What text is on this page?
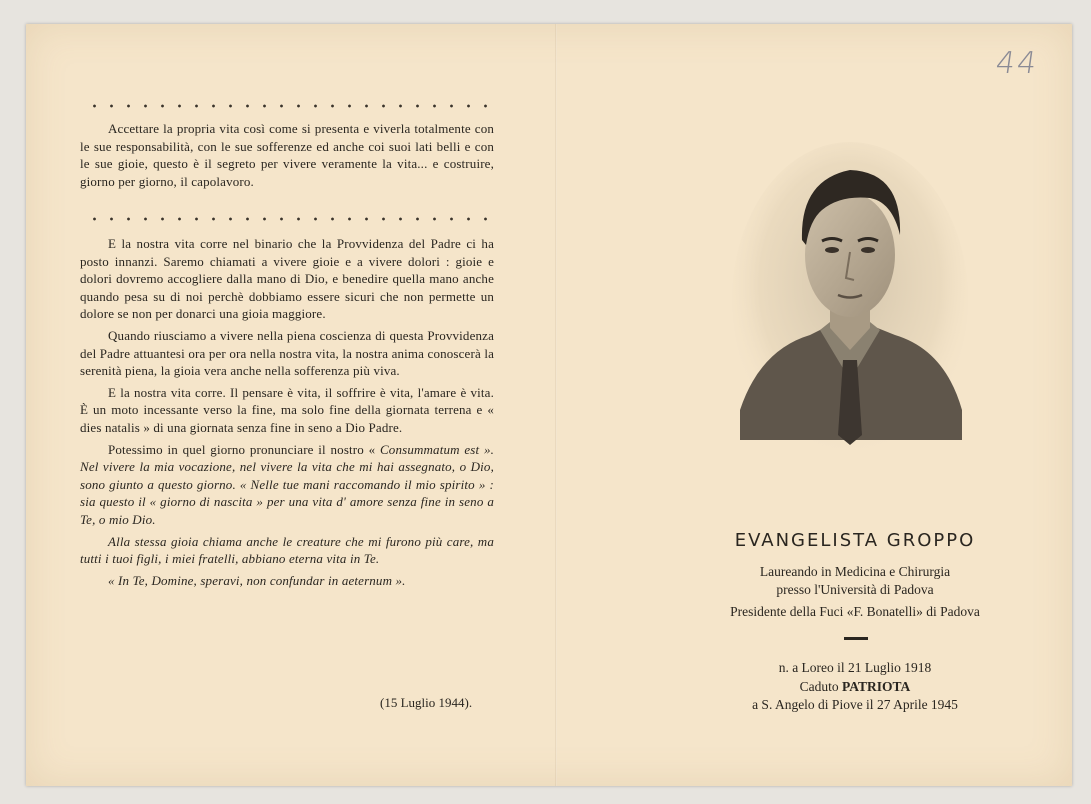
44

Accettare la propria vita così come si presenta e viverla totalmente con le sue responsabilità, con le sue sofferenze ed anche coi suoi lati belli e con le sue gioie, questo è il segreto per vivere veramente la vita... e costruire, giorno per giorno, il capolavoro.

E la nostra vita corre nel binario che la Provvidenza del Padre ci ha posto innanzi. Saremo chiamati a vivere gioie e a vivere dolori : gioie e dolori dovremo accogliere dalla mano di Dio, e benedire quella mano anche quando pesa su di noi perchè dobbiamo essere sicuri che non permette un dolore se non per donarci una gioia maggiore.

Quando riusciamo a vivere nella piena coscienza di questa Provvidenza del Padre attuantesi ora per ora nella nostra vita, la nostra anima conoscerà la serenità piena, la gioia vera anche nella sofferenza più viva.

E la nostra vita corre. Il pensare è vita, il soffrire è vita, l'amare è vita. È un moto incessante verso la fine, ma solo fine della giornata terrena e « dies natalis » di una giornata senza fine in seno a Dio Padre.

Potessimo in quel giorno pronunciare il nostro « Consummatum est ». Nel vivere la mia vocazione, nel vivere la vita che mi hai assegnato, o Dio, sono giunto a questo giorno. « Nelle tue mani raccomando il mio spirito » : sia questo il « giorno di nascita » per una vita d' amore senza fine in seno a Te, o mio Dio.

Alla stessa gioia chiama anche le creature che mi furono più care, ma tutti i tuoi figli, i miei fratelli, abbiano eterna vita in Te.

« In Te, Domine, speravi, non confundar in aeternum ».

(15 Luglio 1944).
EVANGELISTA GROPPO
Laureando in Medicina e Chirurgia
presso l'Università di Padova
Presidente della Fuci «F. Bonatelli» di Padova
n. a Loreo il 21 Luglio 1918
Caduto PATRIOTA
a S. Angelo di Piove il 27 Aprile 1945
